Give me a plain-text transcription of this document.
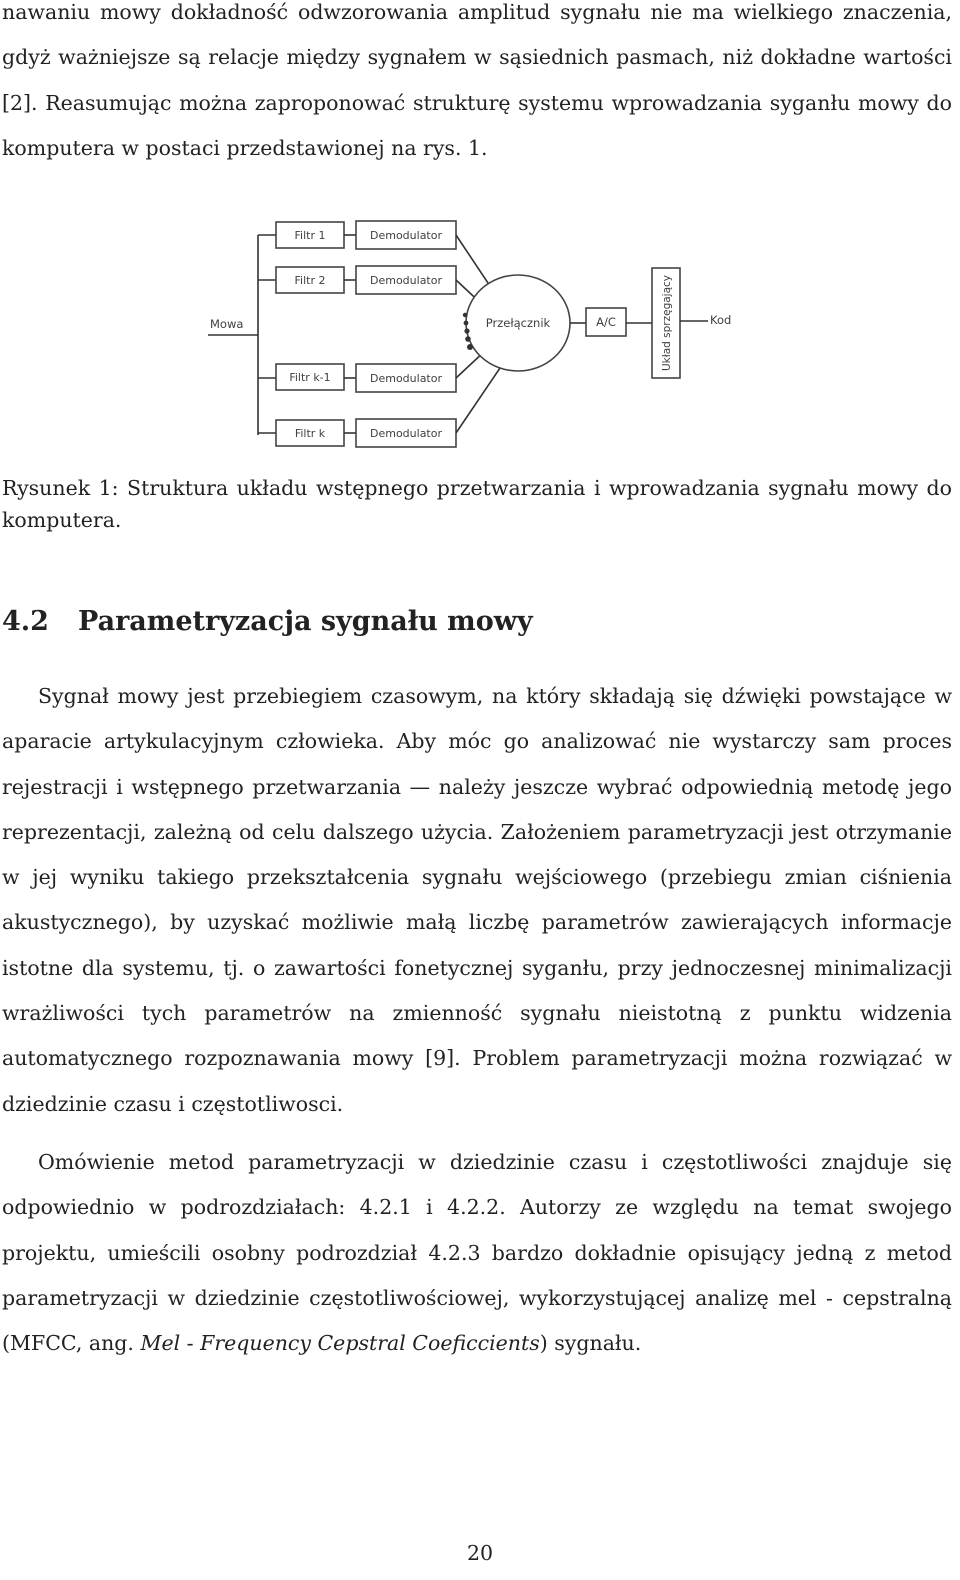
nawaniu mowy dokładność odwzorowania amplitud sygnału nie ma wielkiego znaczenia, gdyż ważniejsze są relacje między sygnałem w sąsiednich pasmach, niż dokładne wartości [2]. Reasumując można zaproponować strukturę systemu wprowadzania syganłu mowy do komputera w postaci przedstawionej na rys. 1.

Mowa
Filtr 1
Filtr 2
Filtr k-1
Filtr k
Demodulator
Demodulator
Demodulator
Demodulator
Przełącznik	A/C	Układ sprzęgający	Kod

Rysunek 1: Struktura układu wstępnego przetwarzania i wprowadzania sygnału mowy do komputera.

4.2 Parametryzacja sygnału mowy

Sygnał mowy jest przebiegiem czasowym, na który składają się dźwięki powstające w aparacie artykulacyjnym człowieka. Aby móc go analizować nie wystarczy sam proces rejestracji i wstępnego przetwarzania — należy jeszcze wybrać odpowiednią metodę jego reprezentacji, zależną od celu dalszego użycia. Założeniem parametryzacji jest otrzymanie w jej wyniku takiego przekształcenia sygnału wejściowego (przebiegu zmian ciśnienia akustycznego), by uzyskać możliwie małą liczbę parametrów zawierających informacje istotne dla systemu, tj. o zawartości fonetycznej syganłu, przy jednoczesnej minimalizacji wrażliwości tych parametrów na zmienność sygnału nieistotną z punktu widzenia automatycznego rozpoznawania mowy [9]. Problem parametryzacji można rozwiązać w dziedzinie czasu i częstotliwosci.

Omówienie metod parametryzacji w dziedzinie czasu i częstotliwości znajduje się odpowiednio w podrozdziałach: 4.2.1 i 4.2.2. Autorzy ze względu na temat swojego projektu, umieścili osobny podrozdział 4.2.3 bardzo dokładnie opisujący jedną z metod parametryzacji w dziedzinie częstotliwościowej, wykorzystującej analizę mel - cepstralną (MFCC, ang. Mel - Frequency Cepstral Coeficcients) sygnału.

20
